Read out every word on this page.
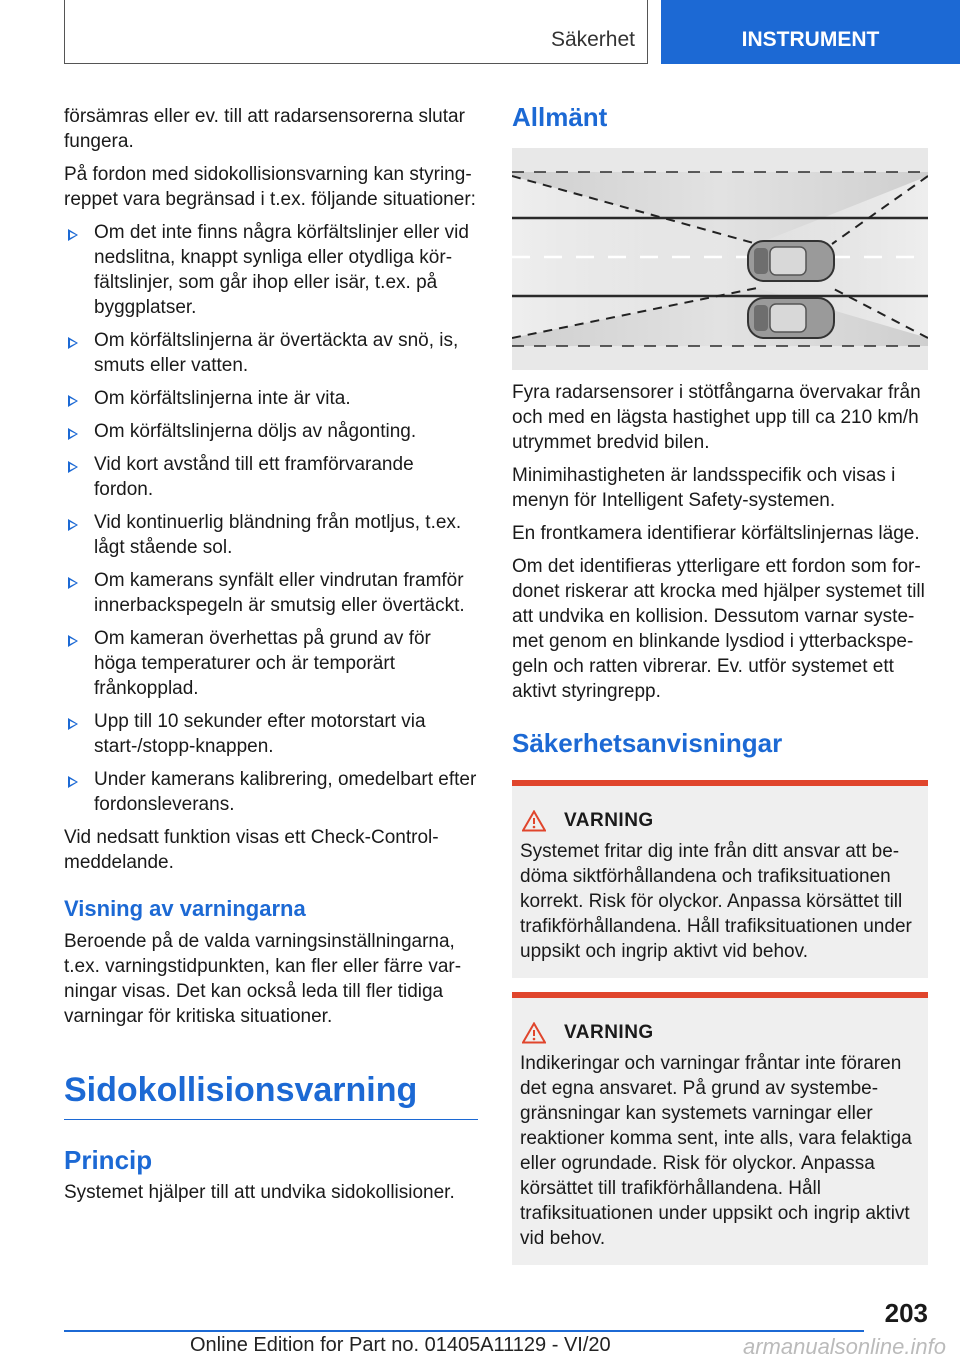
Säkerhet	INSTRUMENT

försämras eller ev. till att radarsensorerna slutar fungera.

På fordon med sidokollisionsvarning kan styringreppet vara begränsad i t.ex. följande situationer:

Om det inte finns några körfältslinjer eller vid nedslitna, knappt synliga eller otydliga körfältslinjer, som går ihop eller isär, t.ex. på byggplatser.
Om körfältslinjerna är övertäckta av snö, is, smuts eller vatten.
Om körfältslinjerna inte är vita.
Om körfältslinjerna döljs av någonting.
Vid kort avstånd till ett framförvarande fordon.
Vid kontinuerlig bländning från motljus, t.ex. lågt stående sol.
Om kamerans synfält eller vindrutan framför innerbackspegeln är smutsig eller övertäckt.
Om kameran överhettas på grund av för höga temperaturer och är temporärt frånkopplad.
Upp till 10 sekunder efter motorstart via start-/stopp-knappen.
Under kamerans kalibrering, omedelbart efter fordonsleverans.

Vid nedsatt funktion visas ett Check-Control-meddelande.

Visning av varningarna

Beroende på de valda varningsinställningarna, t.ex. varningstidpunkten, kan fler eller färre varningar visas. Det kan också leda till fler tidiga varningar för kritiska situationer.

Sidokollisionsvarning
Princip

Systemet hjälper till att undvika sidokollisioner.

Allmänt

Fyra radarsensorer i stötfångarna övervakar från och med en lägsta hastighet upp till ca 210 km/h utrymmet bredvid bilen.

Minimihastigheten är landsspecifik och visas i menyn för Intelligent Safety-systemen.

En frontkamera identifierar körfältslinjernas läge.

Om det identifieras ytterligare ett fordon som fordonet riskerar att krocka med hjälper systemet till att undvika en kollision. Dessutom varnar systemet genom en blinkande lysdiod i ytterbackspegeln och ratten vibrerar. Ev. utför systemet ett aktivt styringrepp.

Säkerhetsanvisningar
VARNING
Systemet fritar dig inte från ditt ansvar att bedöma siktförhållandena och trafiksituationen korrekt. Risk för olyckor. Anpassa körsättet till trafikförhållandena. Håll trafiksituationen under uppsikt och ingrip aktivt vid behov.
VARNING
Indikeringar och varningar fråntar inte föraren det egna ansvaret. På grund av systembegränsningar kan systemets varningar eller reaktioner komma sent, inte alls, vara felaktiga eller ogrundade. Risk för olyckor. Anpassa körsättet till trafikförhållandena. Håll trafiksituationen under uppsikt och ingrip aktivt vid behov.
203
Online Edition for Part no. 01405A11129 - VI/20	armanualsonline.info
